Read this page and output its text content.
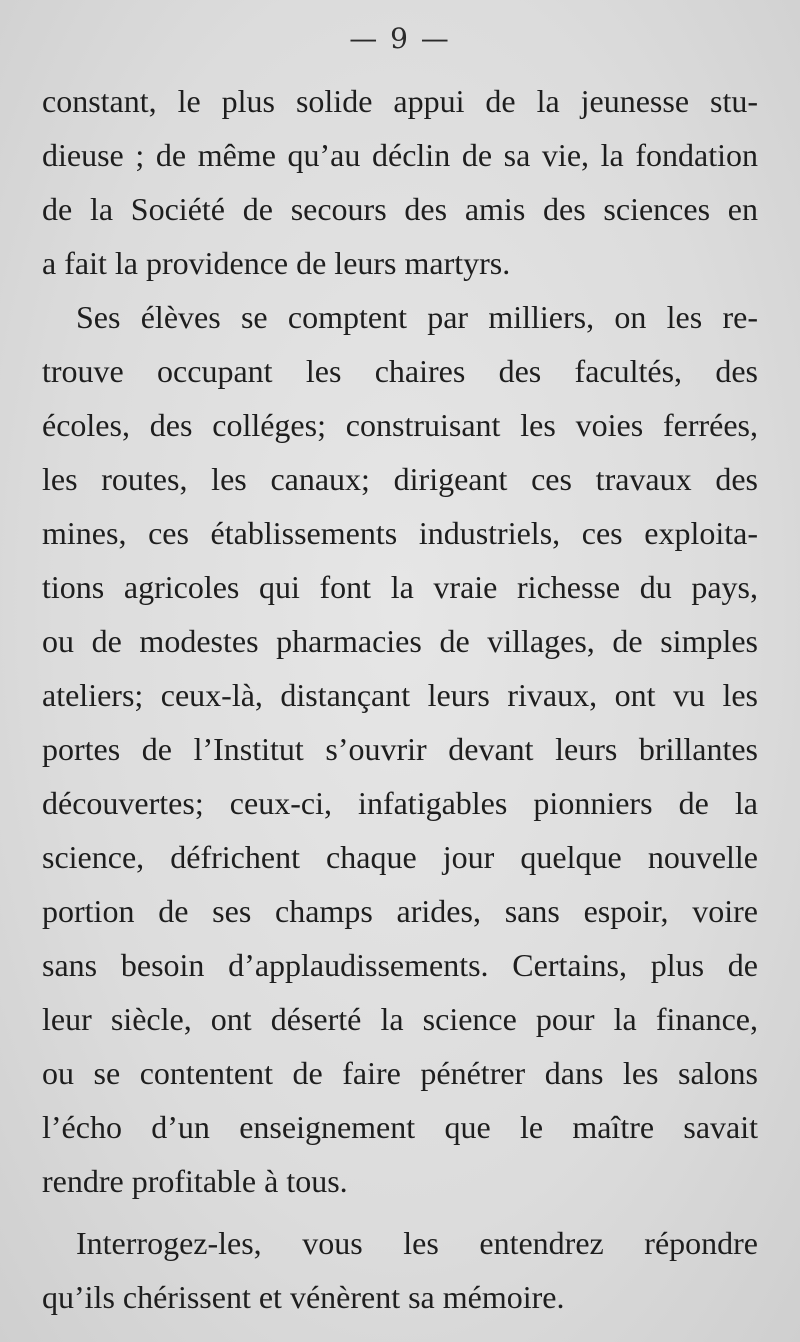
— 9 —
constant, le plus solide appui de la jeunesse stu-
dieuse ; de même qu’au déclin de sa vie, la fondation
de la Société de secours des amis des sciences en
a fait la providence de leurs martyrs.
Ses élèves se comptent par milliers, on les re-
trouve occupant les chaires des facultés, des
écoles, des colléges; construisant les voies ferrées,
les routes, les canaux; dirigeant ces travaux des
mines, ces établissements industriels, ces exploita-
tions agricoles qui font la vraie richesse du pays,
ou de modestes pharmacies de villages, de simples
ateliers; ceux-là, distançant leurs rivaux, ont vu les
portes de l’Institut s’ouvrir devant leurs brillantes
découvertes; ceux-ci, infatigables pionniers de la
science, défrichent chaque jour quelque nouvelle
portion de ses champs arides, sans espoir, voire
sans besoin d’applaudissements. Certains, plus de
leur siècle, ont déserté la science pour la finance,
ou se contentent de faire pénétrer dans les salons
l’écho d’un enseignement que le maître savait
rendre profitable à tous.
Interrogez-les, vous les entendrez répondre
qu’ils chérissent et vénèrent sa mémoire.
